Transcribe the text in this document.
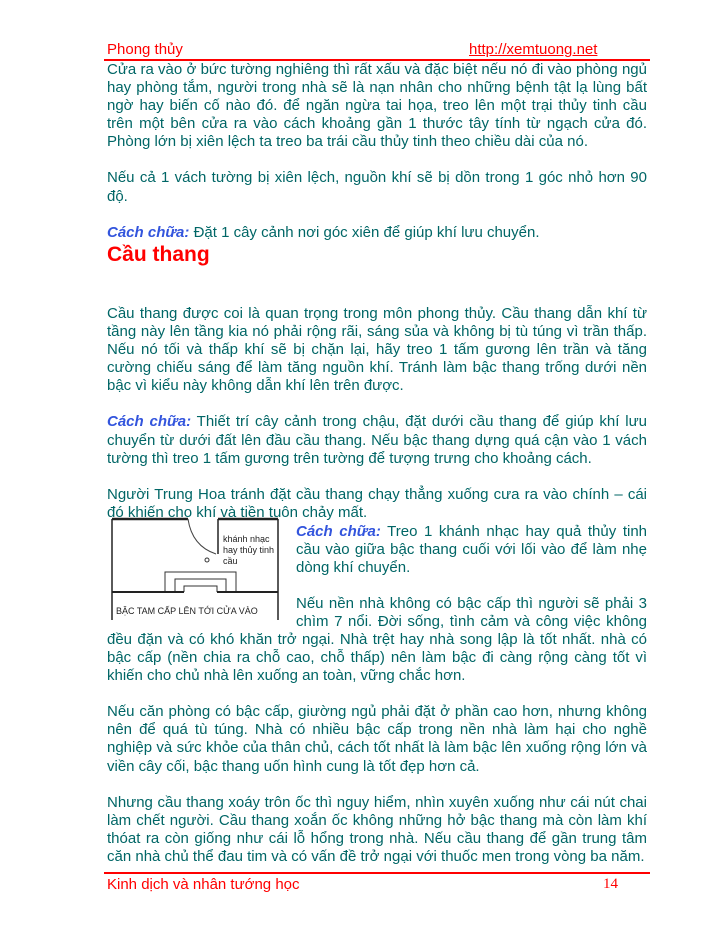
Phong thủy	http://xemtuong.net

Cửa ra vào ở bức tường nghiêng thì rất xấu và đặc biệt nếu nó đi vào phòng ngủ hay phòng tắm, người trong nhà sẽ là nạn nhân cho những bệnh tật lạ lùng bất ngờ hay biến cố nào đó. để ngăn ngừa tai họa, treo lên một trại thủy tinh cầu trên một bên cửa ra vào cách khoảng gần 1 thước tây tính từ ngạch cửa đó. Phòng lớn bị xiên lệch ta treo ba trái cầu thủy tinh theo chiều dài của nó.

Nếu cả 1 vách tường bị xiên lệch, nguồn khí sẽ bị dồn trong 1 góc nhỏ hơn 90 độ.

Cách chữa: Đặt 1 cây cảnh nơi góc xiên để giúp khí lưu chuyển.

Cầu thang

Cầu thang được coi là quan trọng trong môn phong thủy. Cầu thang dẫn khí từ tầng này lên tầng kia nó phải rộng rãi, sáng sủa và không bị tù túng vì trần thấp. Nếu nó tối và thấp khí sẽ bị chặn lại, hãy treo 1 tấm gương lên trần và tăng cường chiếu sáng để làm tăng nguồn khí. Tránh làm bậc thang trống dưới nền bậc vì kiểu này không dẫn khí lên trên được.

Cách chữa: Thiết trí cây cảnh trong chậu, đặt dưới cầu thang để giúp khí lưu chuyển từ dưới đất lên đầu cầu thang. Nếu bậc thang dựng quá cận vào 1 vách tường thì treo 1 tấm gương trên tường để tượng trưng cho khoảng cách.

Người Trung Hoa tránh đặt cầu thang chạy thẳng xuống cưa ra vào chính – cái đó khiến cho khí và tiền tuôn chảy mất.

khánh nhạc
hay thủy tinh
cầu
BẬC TAM CẤP LÊN TỚI CỬA VÀO

Cách chữa: Treo 1 khánh nhạc hay quả thủy tinh cầu vào giữa bậc thang cuối với lối vào để làm nhẹ dòng khí chuyển.

Nếu nền nhà không có bậc cấp thì người sẽ phải 3 chìm 7 nổi. Đời sống, tình cảm và công việc không

đều đặn và có khó khăn trở ngại. Nhà trệt hay nhà song lập là tốt nhất. nhà có bậc cấp (nền chia ra chỗ cao, chỗ thấp) nên làm bậc đi càng rộng càng tốt vì khiến cho chủ nhà lên xuống an toàn, vững chắc hơn.

Nếu căn phòng có bậc cấp, giường ngủ phải đặt ở phần cao hơn, nhưng không nên để quá tù túng. Nhà có nhiều bậc cấp trong nền nhà làm hại cho nghề nghiệp và sức khỏe của thân chủ, cách tốt nhất là làm bậc lên xuống rộng lớn và viền cây cối, bậc thang uốn hình cung là tốt đẹp hơn cả.

Nhưng cầu thang xoáy trôn ốc thì nguy hiểm, nhìn xuyên xuống như cái nút chai làm chết người. Cầu thang xoắn ốc không những hở bậc thang mà còn làm khí thóat ra còn giống như cái lỗ hổng trong nhà. Nếu cầu thang để gần trung tâm căn nhà chủ thể đau tim và có vấn đề trở ngại với thuốc men trong vòng ba năm.

Kinh dịch và nhân tướng học	14
